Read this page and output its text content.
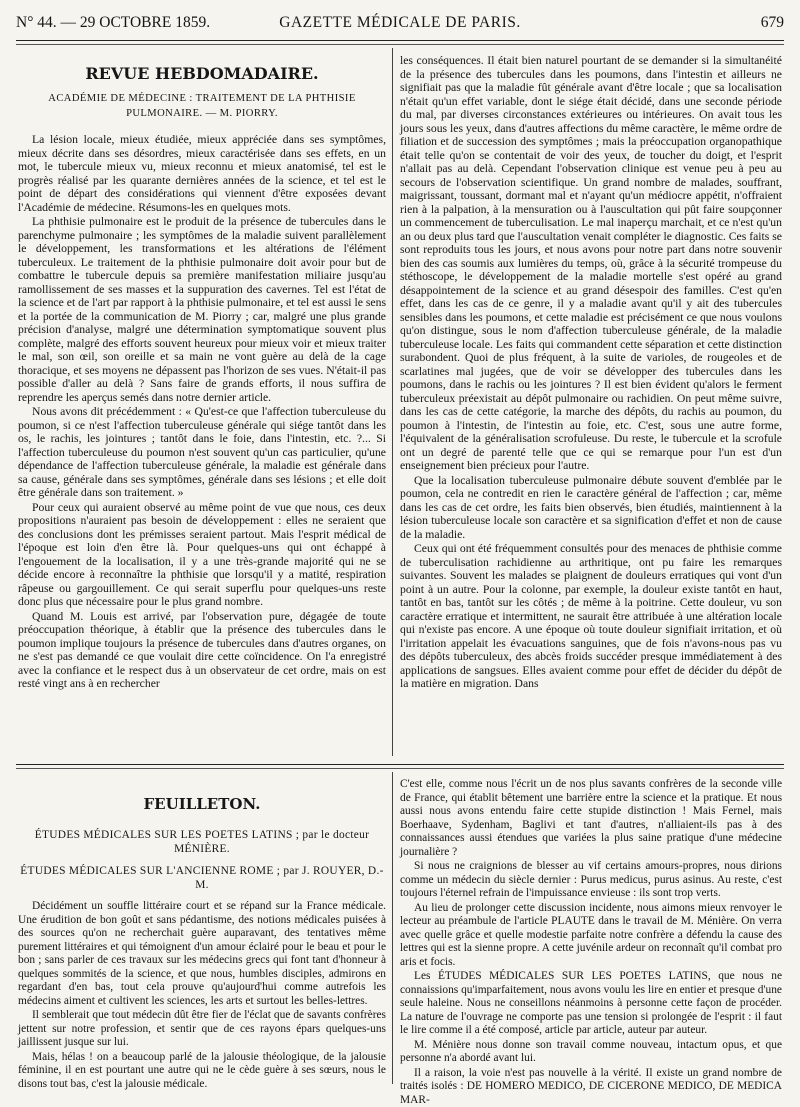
N° 44. — 29 OCTOBRE 1859.	GAZETTE MÉDICALE DE PARIS.	679

REVUE HEBDOMADAIRE.

ACADÉMIE DE MÉDECINE : TRAITEMENT DE LA PHTHISIE

PULMONAIRE. — M. PIORRY.

La lésion locale, mieux étudiée, mieux appréciée dans ses symptômes, mieux décrite dans ses désordres, mieux caractérisée dans ses effets, en un mot, le tubercule mieux vu, mieux reconnu et mieux anatomisé, tel est le progrès réalisé par les quarante dernières années de la science, et tel est le point de départ des considérations qui viennent d'être exposées devant l'Académie de médecine. Résumons-les en quelques mots.

La phthisie pulmonaire est le produit de la présence de tubercules dans le parenchyme pulmonaire ; les symptômes de la maladie suivent parallèlement le développement, les transformations et les altérations de l'élément tuberculeux. Le traitement de la phthisie pulmonaire doit avoir pour but de combattre le tubercule depuis sa première manifestation miliaire jusqu'au ramollissement de ses masses et la suppuration des cavernes. Tel est l'état de la science et de l'art par rapport à la phthisie pulmonaire, et tel est aussi le sens et la portée de la communication de M. Piorry ; car, malgré une plus grande précision d'analyse, malgré une détermination symptomatique souvent plus complète, malgré des efforts souvent heureux pour mieux voir et mieux traiter le mal, son œil, son oreille et sa main ne vont guère au delà de la cage thoracique, et ses moyens ne dépassent pas l'horizon de ses vues. N'était-il pas possible d'aller au delà ? Sans faire de grands efforts, il nous suffira de reprendre les aperçus semés dans notre dernier article.

Nous avons dit précédemment : « Qu'est-ce que l'affection tuberculeuse du poumon, si ce n'est l'affection tuberculeuse générale qui siége tantôt dans les os, le rachis, les jointures ; tantôt dans le foie, dans l'intestin, etc. ?... Si l'affection tuberculeuse du poumon n'est souvent qu'un cas particulier, qu'une dépendance de l'affection tuberculeuse générale, la maladie est générale dans sa cause, générale dans ses symptômes, générale dans ses lésions ; et elle doit être générale dans son traitement. »

Pour ceux qui auraient observé au même point de vue que nous, ces deux propositions n'auraient pas besoin de développement : elles ne seraient que des conclusions dont les prémisses seraient partout. Mais l'esprit médical de l'époque est loin d'en être là. Pour quelques-uns qui ont échappé à l'engouement de la localisation, il y a une très-grande majorité qui ne se décide encore à reconnaître la phthisie que lorsqu'il y a matité, respiration râpeuse ou gargouillement. Ce qui serait superflu pour quelques-uns reste donc plus que nécessaire pour le plus grand nombre.

Quand M. Louis est arrivé, par l'observation pure, dégagée de toute préoccupation théorique, à établir que la présence des tubercules dans le poumon implique toujours la présence de tubercules dans d'autres organes, on ne s'est pas demandé ce que voulait dire cette coïncidence. On l'a enregistré avec la confiance et le respect dus à un observateur de cet ordre, mais on est resté vingt ans à en rechercher

les conséquences. Il était bien naturel pourtant de se demander si la simultanéité de la présence des tubercules dans les poumons, dans l'intestin et ailleurs ne signifiait pas que la maladie fût générale avant d'être locale ; que sa localisation n'était qu'un effet variable, dont le siége était décidé, dans une seconde période du mal, par diverses circonstances extérieures ou intérieures. On avait tous les jours sous les yeux, dans d'autres affections du même caractère, le même ordre de filiation et de succession des symptômes ; mais la préoccupation organopathique était telle qu'on se contentait de voir des yeux, de toucher du doigt, et l'esprit n'allait pas au delà. Cependant l'observation clinique est venue peu à peu au secours de l'observation scientifique. Un grand nombre de malades, souffrant, maigrissant, toussant, dormant mal et n'ayant qu'un médiocre appétit, n'offraient rien à la palpation, à la mensuration ou à l'auscultation qui pût faire soupçonner un commencement de tuberculisation. Le mal inaperçu marchait, et ce n'est qu'un an ou deux plus tard que l'auscultation venait compléter le diagnostic. Ces faits se sont reproduits tous les jours, et nous avons pour notre part dans notre souvenir bien des cas soumis aux lumières du temps, où, grâce à la sécurité trompeuse du stéthoscope, le développement de la maladie mortelle s'est opéré au grand désappointement de la science et au grand désespoir des familles. C'est qu'en effet, dans les cas de ce genre, il y a maladie avant qu'il y ait des tubercules sensibles dans les poumons, et cette maladie est précisément ce que nous voulons qu'on distingue, sous le nom d'affection tuberculeuse générale, de la maladie tuberculeuse locale. Les faits qui commandent cette séparation et cette distinction surabondent. Quoi de plus fréquent, à la suite de varioles, de rougeoles et de scarlatines mal jugées, que de voir se développer des tubercules dans les poumons, dans le rachis ou les jointures ? Il est bien évident qu'alors le ferment tuberculeux préexistait au dépôt pulmonaire ou rachidien. On peut même suivre, dans les cas de cette catégorie, la marche des dépôts, du rachis au poumon, du poumon à l'intestin, de l'intestin au foie, etc. C'est, sous une autre forme, l'équivalent de la généralisation scrofuleuse. Du reste, le tubercule et la scrofule ont un degré de parenté telle que ce qui se remarque pour l'un est d'un enseignement bien précieux pour l'autre.

Que la localisation tuberculeuse pulmonaire débute souvent d'emblée par le poumon, cela ne contredit en rien le caractère général de l'affection ; car, même dans les cas de cet ordre, les faits bien observés, bien étudiés, maintiennent à la lésion tuberculeuse locale son caractère et sa signification d'effet et non de cause de la maladie.

Ceux qui ont été fréquemment consultés pour des menaces de phthisie comme de tuberculisation rachidienne au arthritique, ont pu faire les remarques suivantes. Souvent les malades se plaignent de douleurs erratiques qui vont d'un point à un autre. Pour la colonne, par exemple, la douleur existe tantôt en haut, tantôt en bas, tantôt sur les côtés ; de même à la poitrine. Cette douleur, vu son caractère erratique et intermittent, ne saurait être attribuée à une altération locale qui n'existe pas encore. A une époque où toute douleur signifiait irritation, et où l'irritation appelait les évacuations sanguines, que de fois n'avons-nous pas vu des dépôts tuberculeux, des abcès froids succéder presque immédiatement à des applications de sangsues. Elles avaient comme pour effet de décider du dépôt de la matière en migration. Dans

FEUILLETON.

ÉTUDES MÉDICALES SUR LES POETES LATINS ; par le docteur MÉNIÈRE.

ÉTUDES MÉDICALES SUR L'ANCIENNE ROME ; par J. ROUYER, D.-M.

Décidément un souffle littéraire court et se répand sur la France médicale. Une érudition de bon goût et sans pédantisme, des notions médicales puisées à des sources qu'on ne recherchait guère auparavant, des tentatives même purement littéraires et qui témoignent d'un amour éclairé pour le beau et pour le bon ; sans parler de ces travaux sur les médecins grecs qui font tant d'honneur à quelques sommités de la science, et que nous, humbles disciples, admirons en regardant d'en bas, tout cela prouve qu'aujourd'hui comme autrefois les médecins aiment et cultivent les sciences, les arts et surtout les belles-lettres.

Il semblerait que tout médecin dût être fier de l'éclat que de savants confrères jettent sur notre profession, et sentir que de ces rayons épars quelques-uns jaillissent jusque sur lui.

Mais, hélas ! on a beaucoup parlé de la jalousie théologique, de la jalousie féminine, il en est pourtant une autre qui ne le cède guère à ses sœurs, nous le disons tout bas, c'est la jalousie médicale.

C'est elle, comme nous l'écrit un de nos plus savants confrères de la seconde ville de France, qui établit bêtement une barrière entre la science et la pratique. Et nous aussi nous avons entendu faire cette stupide distinction ! Mais Fernel, mais Boerhaave, Sydenham, Baglivi et tant d'autres, n'alliaient-ils pas à des connaissances aussi étendues que variées la plus saine pratique d'une médecine journalière ?

Si nous ne craignions de blesser au vif certains amours-propres, nous dirions comme un médecin du siècle dernier : Purus medicus, purus asinus. Au reste, c'est toujours l'éternel refrain de l'impuissance envieuse : ils sont trop verts.

Au lieu de prolonger cette discussion incidente, nous aimons mieux renvoyer le lecteur au préambule de l'article PLAUTE dans le travail de M. Ménière. On verra avec quelle grâce et quelle modestie parfaite notre confrère a défendu la cause des lettres qui est la sienne propre. A cette juvénile ardeur on reconnaît qu'il combat pro aris et focis.

Les ÉTUDES MÉDICALES SUR LES POETES LATINS, que nous ne connaissions qu'imparfaitement, nous avons voulu les lire en entier et presque d'une seule haleine. Nous ne conseillons néanmoins à personne cette façon de procéder. La nature de l'ouvrage ne comporte pas une tension si prolongée de l'esprit : il faut le lire comme il a été composé, article par article, auteur par auteur.

M. Ménière nous donne son travail comme nouveau, intactum opus, et que personne n'a abordé avant lui.

Il a raison, la voie n'est pas nouvelle à la vérité. Il existe un grand nombre de traités isolés : DE HOMERO MEDICO, DE CICERONE MEDICO, DE MEDICA MAR-
